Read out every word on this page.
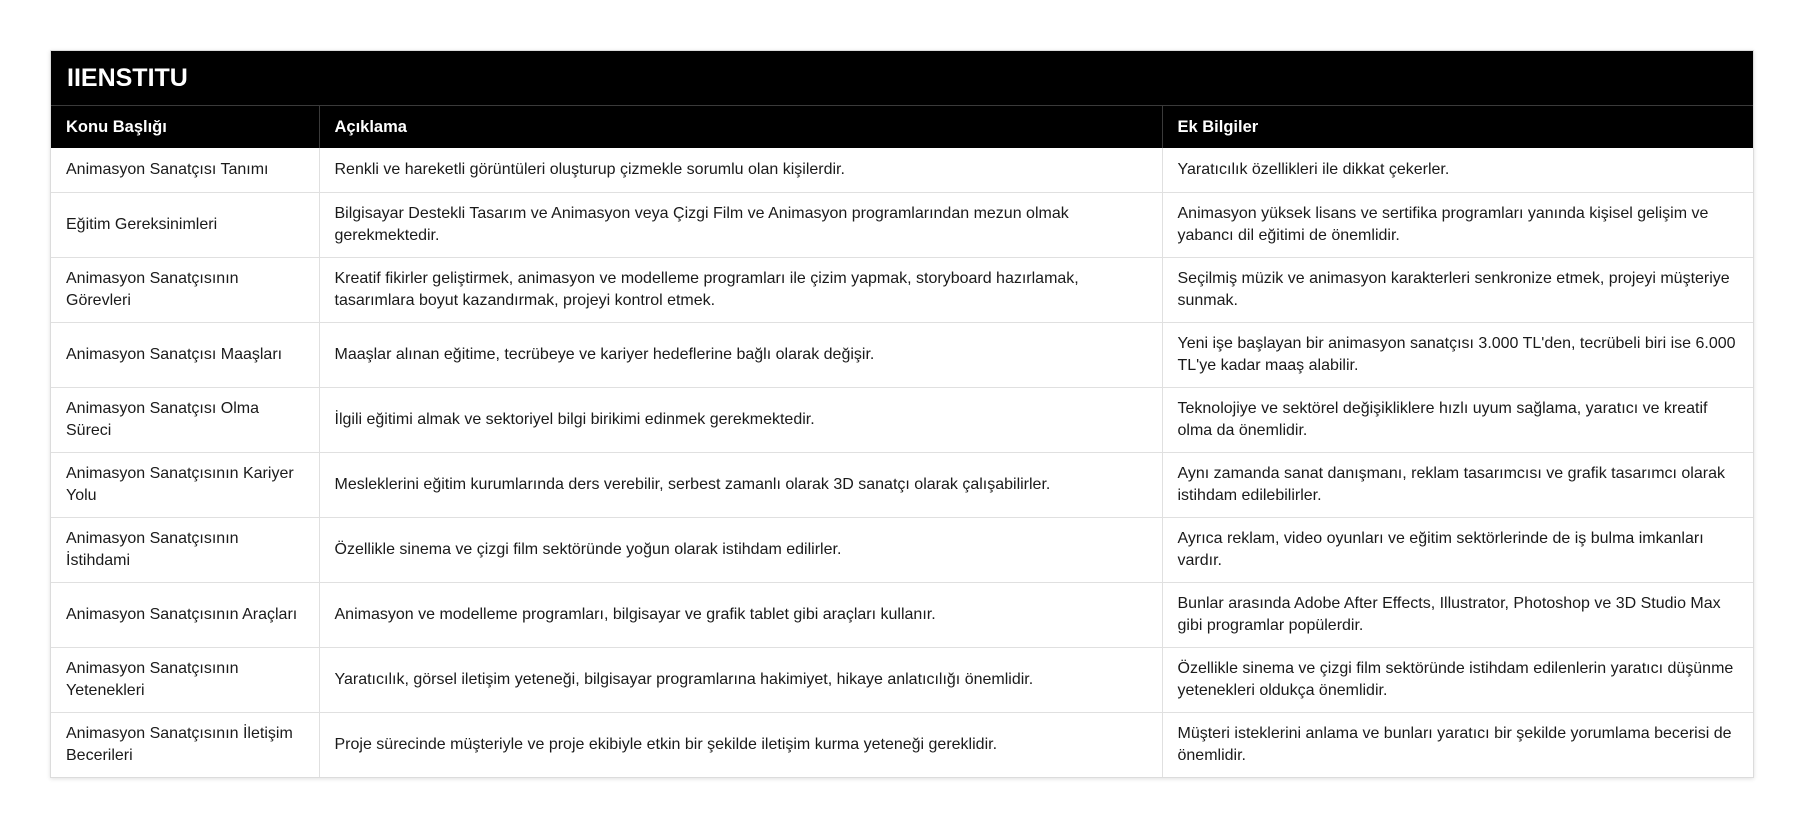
IIENSTITU
Konu Başlığı	Açıklama	Ek Bilgiler
Animasyon Sanatçısı Tanımı	Renkli ve hareketli görüntüleri oluşturup çizmekle sorumlu olan kişilerdir.	Yaratıcılık özellikleri ile dikkat çekerler.
Eğitim Gereksinimleri	Bilgisayar Destekli Tasarım ve Animasyon veya Çizgi Film ve Animasyon programlarından mezun olmak gerekmektedir.	Animasyon yüksek lisans ve sertifika programları yanında kişisel gelişim ve yabancı dil eğitimi de önemlidir.
Animasyon Sanatçısının Görevleri	Kreatif fikirler geliştirmek, animasyon ve modelleme programları ile çizim yapmak, storyboard hazırlamak, tasarımlara boyut kazandırmak, projeyi kontrol etmek.	Seçilmiş müzik ve animasyon karakterleri senkronize etmek, projeyi müşteriye sunmak.
Animasyon Sanatçısı Maaşları	Maaşlar alınan eğitime, tecrübeye ve kariyer hedeflerine bağlı olarak değişir.	Yeni işe başlayan bir animasyon sanatçısı 3.000 TL'den, tecrübeli biri ise 6.000 TL'ye kadar maaş alabilir.
Animasyon Sanatçısı Olma Süreci	İlgili eğitimi almak ve sektoriyel bilgi birikimi edinmek gerekmektedir.	Teknolojiye ve sektörel değişikliklere hızlı uyum sağlama, yaratıcı ve kreatif olma da önemlidir.
Animasyon Sanatçısının Kariyer Yolu	Mesleklerini eğitim kurumlarında ders verebilir, serbest zamanlı olarak 3D sanatçı olarak çalışabilirler.	Aynı zamanda sanat danışmanı, reklam tasarımcısı ve grafik tasarımcı olarak istihdam edilebilirler.
Animasyon Sanatçısının İstihdami	Özellikle sinema ve çizgi film sektöründe yoğun olarak istihdam edilirler.	Ayrıca reklam, video oyunları ve eğitim sektörlerinde de iş bulma imkanları vardır.
Animasyon Sanatçısının Araçları	Animasyon ve modelleme programları, bilgisayar ve grafik tablet gibi araçları kullanır.	Bunlar arasında Adobe After Effects, Illustrator, Photoshop ve 3D Studio Max gibi programlar popülerdir.
Animasyon Sanatçısının Yetenekleri	Yaratıcılık, görsel iletişim yeteneği, bilgisayar programlarına hakimiyet, hikaye anlatıcılığı önemlidir.	Özellikle sinema ve çizgi film sektöründe istihdam edilenlerin yaratıcı düşünme yetenekleri oldukça önemlidir.
Animasyon Sanatçısının İletişim Becerileri	Proje sürecinde müşteriyle ve proje ekibiyle etkin bir şekilde iletişim kurma yeteneği gereklidir.	Müşteri isteklerini anlama ve bunları yaratıcı bir şekilde yorumlama becerisi de önemlidir.
